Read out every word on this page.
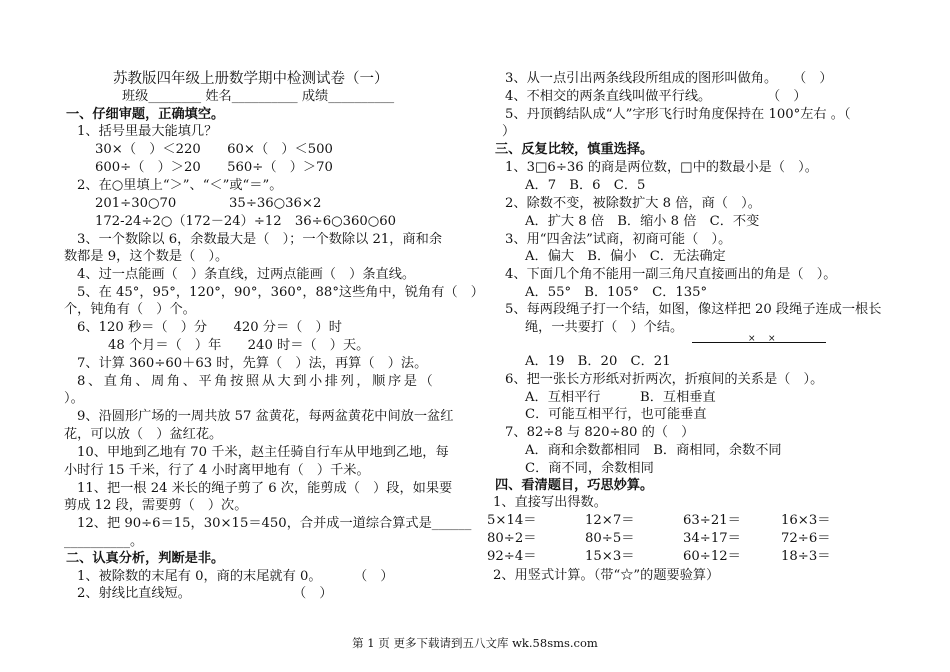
苏教版四年级上册数学期中检测试卷（一）
班级________ 姓名__________ 成绩__________
一、仔细审题，正确填空。
1、括号里最大能填几？
30×（　）＜220　　60×（　）＜500
600÷（　）＞20　　560÷（　）＞70
2、在○里填上“＞”、“＜”或“＝”。
201÷30○70　　　　35÷36○36×2
172-24÷2○（172－24）÷12　36÷6○360○60
3、一个数除以 6，余数最大是（　）；一个数除以 21，商和余
数都是 9，这个数是（　）。
4、过一点能画（　）条直线，过两点能画（　）条直线。
5、在 45°，95°，120°，90°，360°，88°这些角中，锐角有（　）
个，钝角有（　）个。
6、120 秒＝（　）分　　420 分＝（　）时
48 个月＝（　）年　　240 时＝（　）天。
7、计算 360÷60＋63 时，先算（　）法，再算（　）法。
8、直角、周角、平角按照从大到小排列，顺序是（
）。
9、沿圆形广场的一周共放 57 盆黄花，每两盆黄花中间放一盆红
花，可以放（　）盆红花。
10、甲地到乙地有 70 千米，赵主任骑自行车从甲地到乙地，每
小时行 15 千米，行了 4 小时离甲地有（　）千米。
11、把一根 24 米长的绳子剪了 6 次，能剪成（　）段，如果要
剪成 12 段，需要剪（　）次。
12、把 90÷6＝15，30×15＝450，合并成一道综合算式是______
__________。
二、认真分析，判断是非。
1、被除数的末尾有 0，商的末尾就有 0。 （　）
2、射线比直线短。	（　）
3、从一点引出两条线段所组成的图形叫做角。 （　）
4、不相交的两条直线叫做平行线。	（　）
5、丹顶鹤结队成“人”字形飞行时角度保持在 100°左右 。（
）
三、反复比较，慎重选择。
1、3□6÷36 的商是两位数，□中的数最小是（　）。
A．7　B．6　C．5
2、除数不变，被除数扩大 8 倍，商（　）。
A．扩大 8 倍　B．缩小 8 倍　C．不变
3、用“四舍法”试商，初商可能（　）。
A．偏大　B．偏小　C．无法确定
4、下面几个角不能用一副三角尺直接画出的角是（　）。
A．55°　B．105°　C．135°
5、每两段绳子打一个结，如图，像这样把 20 段绳子连成一根长
绳，一共要打（　）个结。
A．19　B．20　C．21
6、把一张长方形纸对折两次，折痕间的关系是（　）。
A．互相平行　　　B．互相垂直
C．可能互相平行，也可能垂直
7、82÷8 与 820÷80 的（　）
A．商和余数都相同　B．商相同，余数不同
C．商不同，余数相同
四、看清题目，巧思妙算。
1、直接写出得数。
2、用竖式计算。（带“☆”的题要验算）
× ×
5×14＝	12×7＝	63÷21＝	16×3＝
80÷2＝	80÷5＝	34÷17＝	72÷6＝
92÷4＝	15×3＝	60÷12＝	18÷3＝
第 1 页 更多下载请到五八文库 wk.58sms.com
